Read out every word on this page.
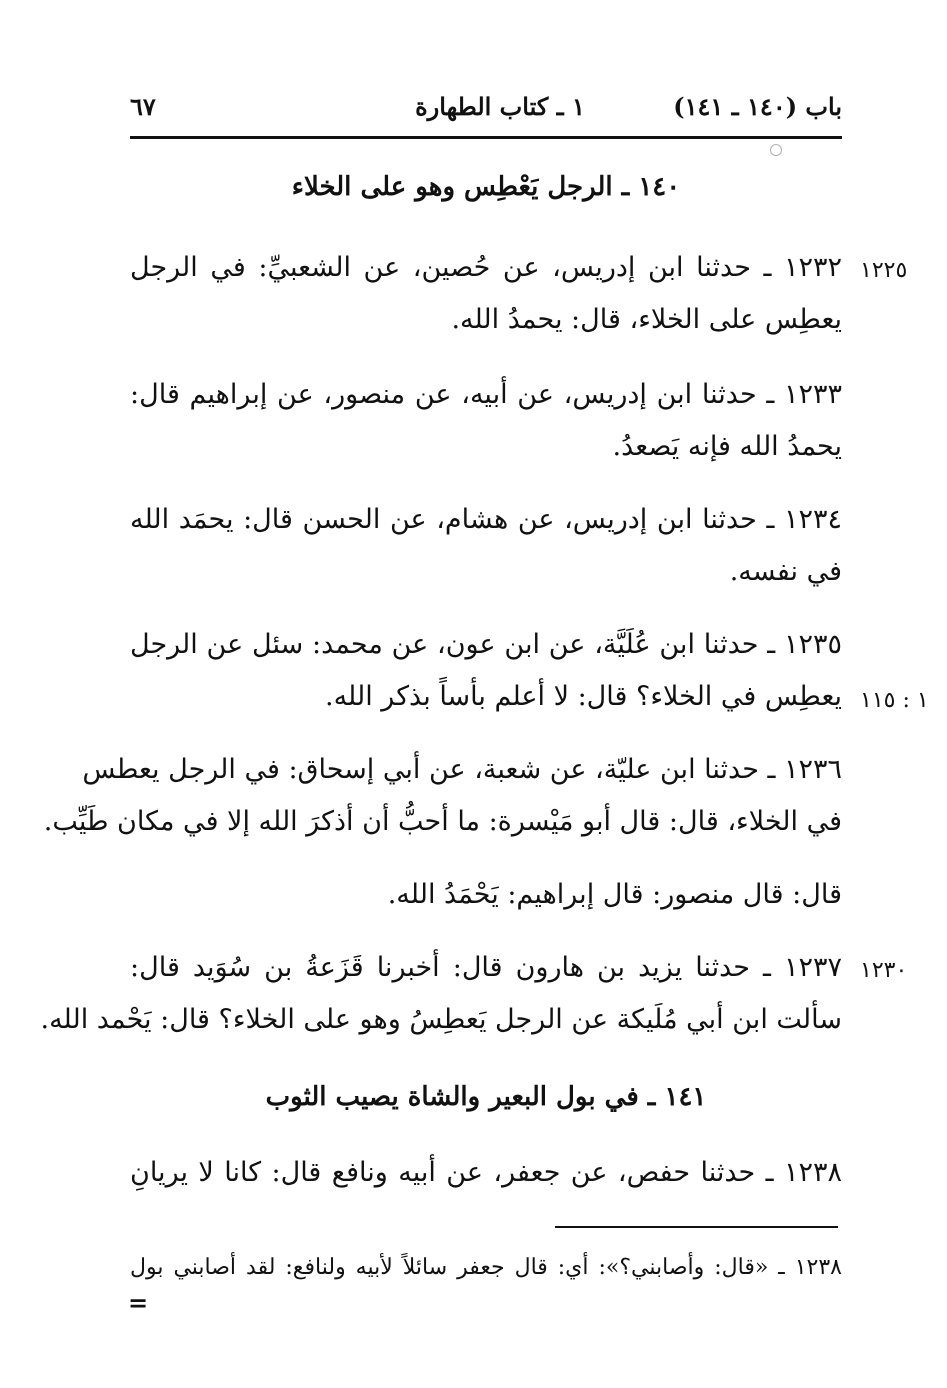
باب (١٤٠ ـ ١٤١)
١ ـ كتاب الطهارة
٦٧
١٤٠ ـ الرجل يَعْطِس وهو على الخلاء
١٢٢٥
١٢٣٢ ـ حدثنا ابن إدريس، عن حُصين، عن الشعبيِّ: في الرجل
يعطِس على الخلاء، قال: يحمدُ الله.
١٢٣٣ ـ حدثنا ابن إدريس، عن أبيه، عن منصور، عن إبراهيم قال:
يحمدُ الله فإنه يَصعدُ.
١٢٣٤ ـ حدثنا ابن إدريس، عن هشام، عن الحسن قال: يحمَد الله
في نفسه.
١٢٣٥ ـ حدثنا ابن عُلَيَّة، عن ابن عون، عن محمد: سئل عن الرجل
١ : ١١٥
يعطِس في الخلاء؟ قال: لا أعلم بأساً بذكر الله.
١٢٣٦ ـ حدثنا ابن عليّة، عن شعبة، عن أبي إسحاق: في الرجل يعطس
في الخلاء، قال: قال أبو مَيْسرة: ما أحبُّ أن أذكرَ الله إلا في مكان طَيِّب.
قال: قال منصور: قال إبراهيم: يَحْمَدُ الله.
١٢٣٠
١٢٣٧ ـ حدثنا يزيد بن هارون قال: أخبرنا قَزَعةُ بن سُوَيد قال:
سألت ابن أبي مُلَيكة عن الرجل يَعطِسُ وهو على الخلاء؟ قال: يَحْمد الله.
١٤١ ـ في بول البعير والشاة يصيب الثوب
١٢٣٨ ـ حدثنا حفص، عن جعفر، عن أبيه ونافع قال: كانا لا يريانِ
١٢٣٨ ـ «قال: وأصابني؟»: أي: قال جعفر سائلاً لأبيه ولنافع: لقد أصابني بول
=
